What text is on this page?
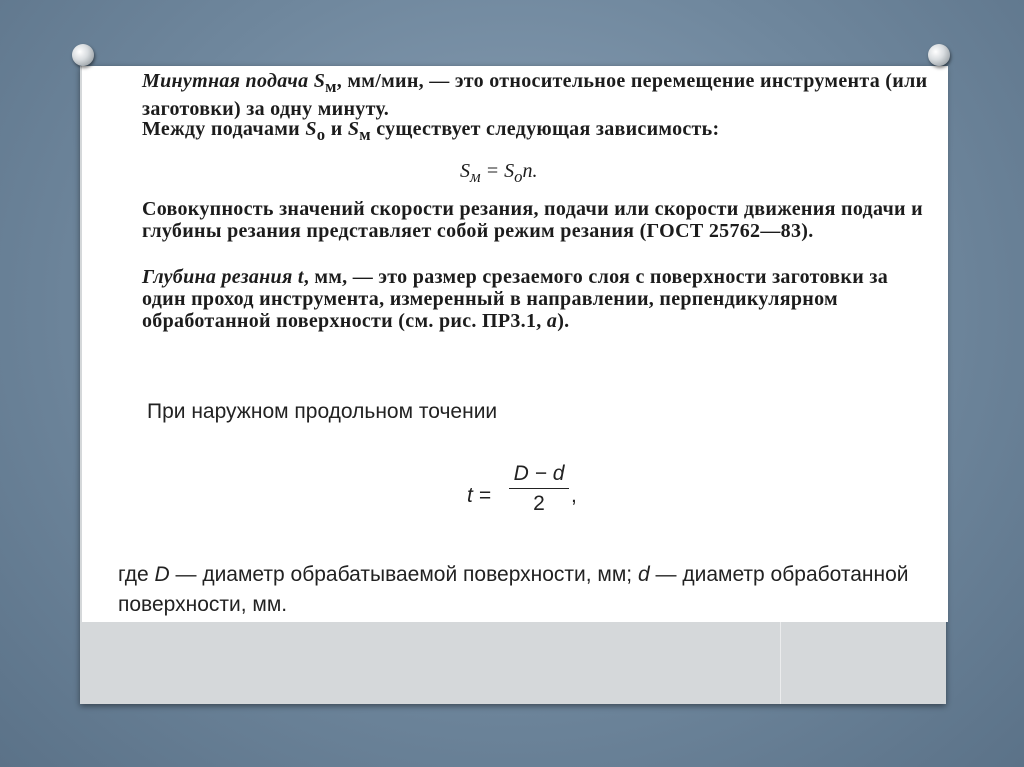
Минутная подача $S_м$, мм/мин, — это относительное перемещение инструмента (или заготовки) за одну минуту.

Между подачами $S_о$ и $S_м$ существует следующая зависимость:

$S_м = S_оn$.

Совокупность значений скорости резания, подачи или скорости движения подачи и глубины резания представляет собой режим резания (ГОСТ 25762—83).

Глубина резания t, мм, — это размер срезаемого слоя с поверхности заготовки за один проход инструмента, измеренный в направлении, перпендикулярном обработанной поверхности (см. рис. ПР3.1, а).

При наружном продольном точении
$t = \frac{D - d}{2}$ ,

где D — диаметр обрабатываемой поверхности, мм; d — диаметр обработанной поверхности, мм.
